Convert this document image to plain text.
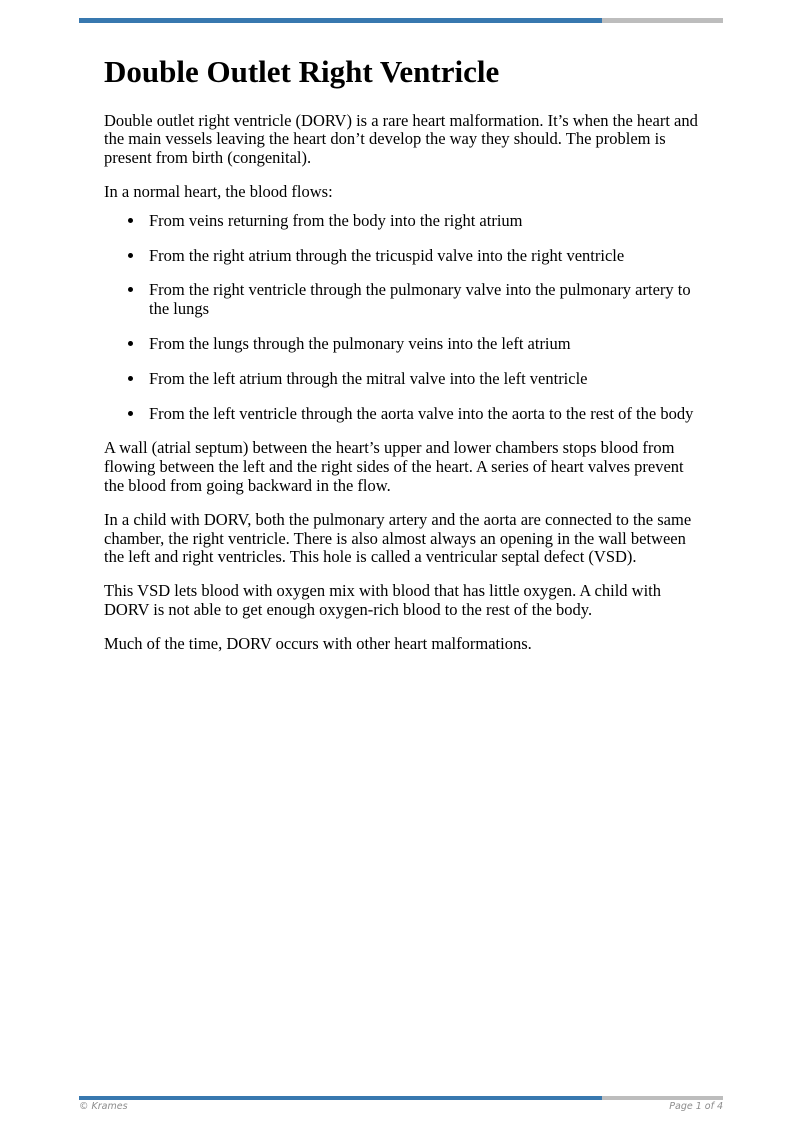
Double Outlet Right Ventricle

Double outlet right ventricle (DORV) is a rare heart malformation. It’s when the heart and the main vessels leaving the heart don’t develop the way they should. The problem is present from birth (congenital).

In a normal heart, the blood flows:

• From veins returning from the body into the right atrium
• From the right atrium through the tricuspid valve into the right ventricle
• From the right ventricle through the pulmonary valve into the pulmonary artery to the lungs
• From the lungs through the pulmonary veins into the left atrium
• From the left atrium through the mitral valve into the left ventricle
• From the left ventricle through the aorta valve into the aorta to the rest of the body

A wall (atrial septum) between the heart’s upper and lower chambers stops blood from flowing between the left and the right sides of the heart. A series of heart valves prevent the blood from going backward in the flow.

In a child with DORV, both the pulmonary artery and the aorta are connected to the same chamber, the right ventricle. There is also almost always an opening in the wall between the left and right ventricles. This hole is called a ventricular septal defect (VSD).

This VSD lets blood with oxygen mix with blood that has little oxygen. A child with DORV is not able to get enough oxygen-rich blood to the rest of the body.

Much of the time, DORV occurs with other heart malformations.

© Krames	Page 1 of 4
